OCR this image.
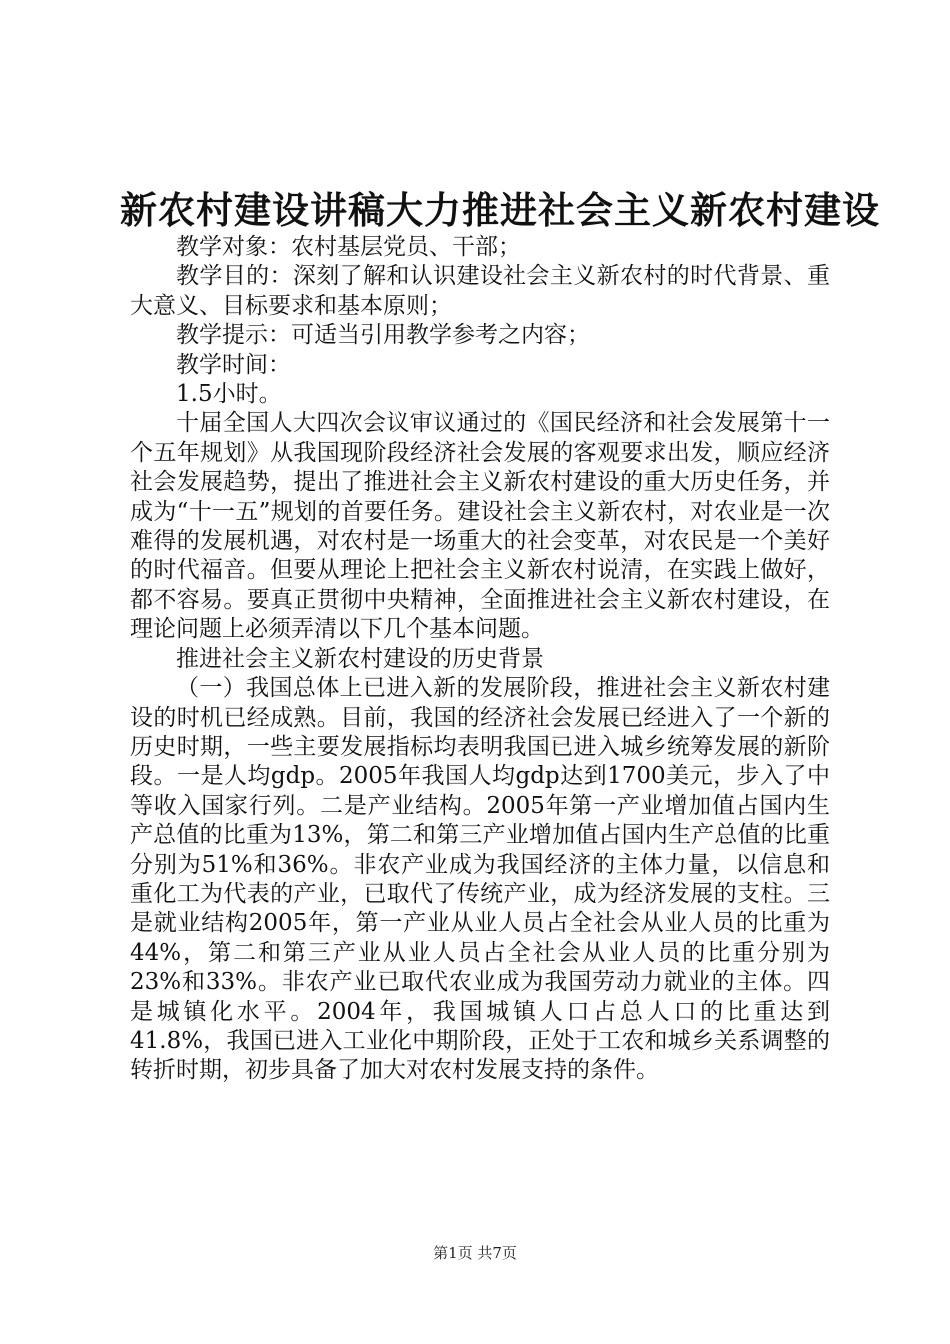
新农村建设讲稿大力推进社会主义新农村建设

教学对象：农村基层党员、干部；

教学目的：深刻了解和认识建设社会主义新农村的时代背景、重大意义、目标要求和基本原则；

教学提示：可适当引用教学参考之内容；

教学时间：

1.5小时。

十届全国人大四次会议审议通过的《国民经济和社会发展第十一个五年规划》从我国现阶段经济社会发展的客观要求出发，顺应经济社会发展趋势，提出了推进社会主义新农村建设的重大历史任务，并成为“十一五”规划的首要任务。建设社会主义新农村，对农业是一次难得的发展机遇，对农村是一场重大的社会变革，对农民是一个美好的时代福音。但要从理论上把社会主义新农村说清，在实践上做好，都不容易。要真正贯彻中央精神，全面推进社会主义新农村建设，在理论问题上必须弄清以下几个基本问题。

推进社会主义新农村建设的历史背景

（一）我国总体上已进入新的发展阶段，推进社会主义新农村建设的时机已经成熟。目前，我国的经济社会发展已经进入了一个新的历史时期，一些主要发展指标均表明我国已进入城乡统筹发展的新阶段。一是人均gdp。2005年我国人均gdp达到1700美元，步入了中等收入国家行列。二是产业结构。2005年第一产业增加值占国内生产总值的比重为13%，第二和第三产业增加值占国内生产总值的比重分别为51%和36%。非农产业成为我国经济的主体力量，以信息和重化工为代表的产业，已取代了传统产业，成为经济发展的支柱。三是就业结构2005年，第一产业从业人员占全社会从业人员的比重为44%，第二和第三产业从业人员占全社会从业人员的比重分别为23%和33%。非农产业已取代农业成为我国劳动力就业的主体。四是城镇化水平。2004年，我国城镇人口占总人口的比重达到41.8%，我国已进入工业化中期阶段，正处于工农和城乡关系调整的转折时期，初步具备了加大对农村发展支持的条件。

第1页 共7页
